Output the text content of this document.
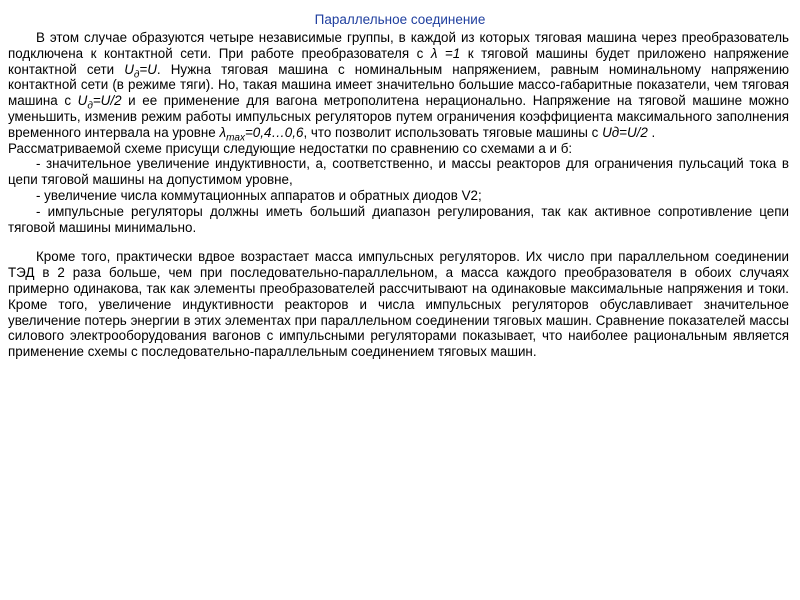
Параллельное соединение

В этом случае образуются четыре независимые группы, в каждой из которых тяговая машина через преобразователь подключена к контактной сети. При работе преобразователя с λ =1 к тяговой машины будет приложено напряжение контактной сети $U_д=U$. Нужна тяговая машина с номинальным напряжением, равным номинальному напряжению контактной сети (в режиме тяги). Но, такая машина имеет значительно большие массо-габаритные показатели, чем тяговая машина с $U_д=U/2$ и ее применение для вагона метрополитена нерационально. Напряжение на тяговой машине можно уменьшить, изменив режим работы импульсных регуляторов путем ограничения коэффициента максимального заполнения временного интервала на уровне $\lambda_{max}=0,4\dots 0,6$, что позволит использовать тяговые машины с Uд=U/2 .

Рассматриваемой схеме присущи следующие недостатки по сравнению со схемами а и б:

- значительное увеличение индуктивности, а, соответственно, и массы реакторов для ограничения пульсаций тока в цепи тяговой машины на допустимом уровне,

- увеличение числа коммутационных аппаратов и обратных диодов V2;

- импульсные регуляторы должны иметь больший диапазон регулирования, так как активное сопротивление цепи тяговой машины минимально.

Кроме того, практически вдвое возрастает масса импульсных регуляторов. Их число при параллельном соединении ТЭД в 2 раза больше, чем при последовательно-параллельном, а масса каждого преобразователя в обоих случаях примерно одинакова, так как элементы преобразователей рассчитывают на одинаковые максимальные напряжения и токи. Кроме того, увеличение индуктивности реакторов и числа импульсных регуляторов обуславливает значительное увеличение потерь энергии в этих элементах при параллельном соединении тяговых машин. Сравнение показателей массы силового электрооборудования вагонов с импульсными регуляторами показывает, что наиболее рациональным является применение схемы с последовательно-параллельным соединением тяговых машин.
